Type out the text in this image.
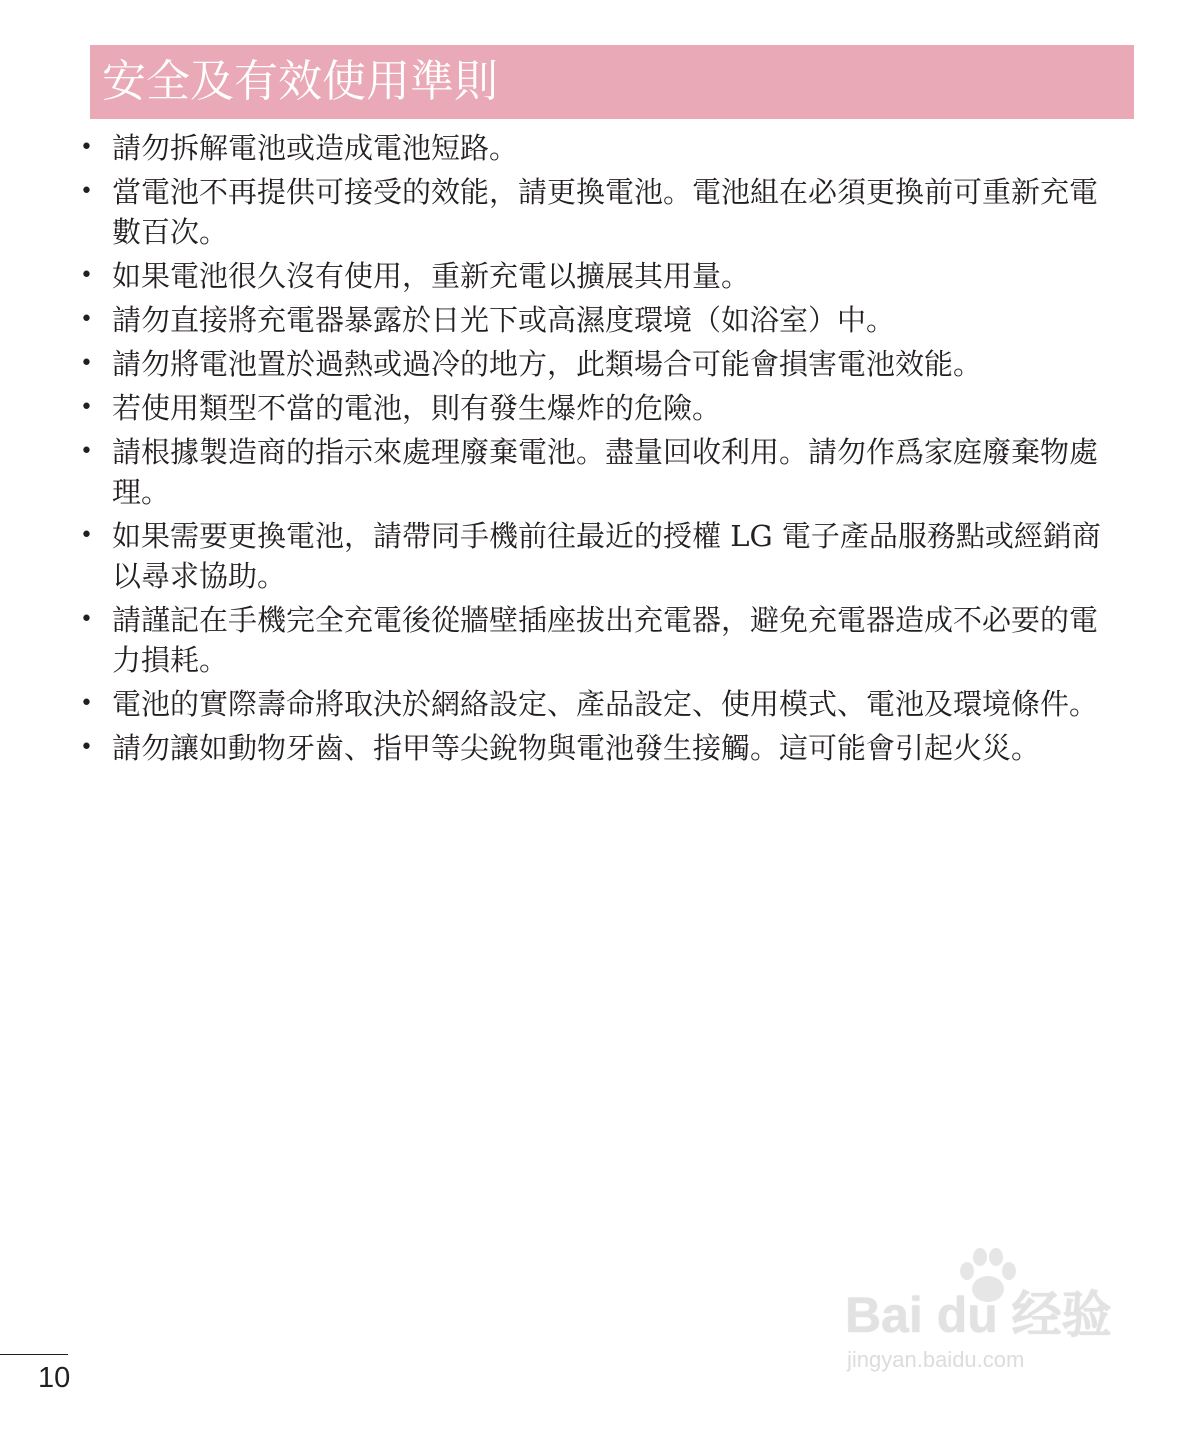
安全及有效使用準則
• 請勿拆解電池或造成電池短路。
• 當電池不再提供可接受的效能，請更換電池。電池組在必須更換前可重新充電數百次。
• 如果電池很久沒有使用，重新充電以擴展其用量。
• 請勿直接將充電器暴露於日光下或高濕度環境（如浴室）中。
• 請勿將電池置於過熱或過冷的地方，此類場合可能會損害電池效能。
• 若使用類型不當的電池，則有發生爆炸的危險。
• 請根據製造商的指示來處理廢棄電池。盡量回收利用。請勿作爲家庭廢棄物處理。
• 如果需要更換電池，請帶同手機前往最近的授權 LG 電子產品服務點或經銷商以尋求協助。
• 請謹記在手機完全充電後從牆壁插座拔出充電器，避免充電器造成不必要的電力損耗。
• 電池的實際壽命將取決於網絡設定、產品設定、使用模式、電池及環境條件。
• 請勿讓如動物牙齒、指甲等尖銳物與電池發生接觸。這可能會引起火災。
10
Bai du 经验
jingyan.baidu.com
